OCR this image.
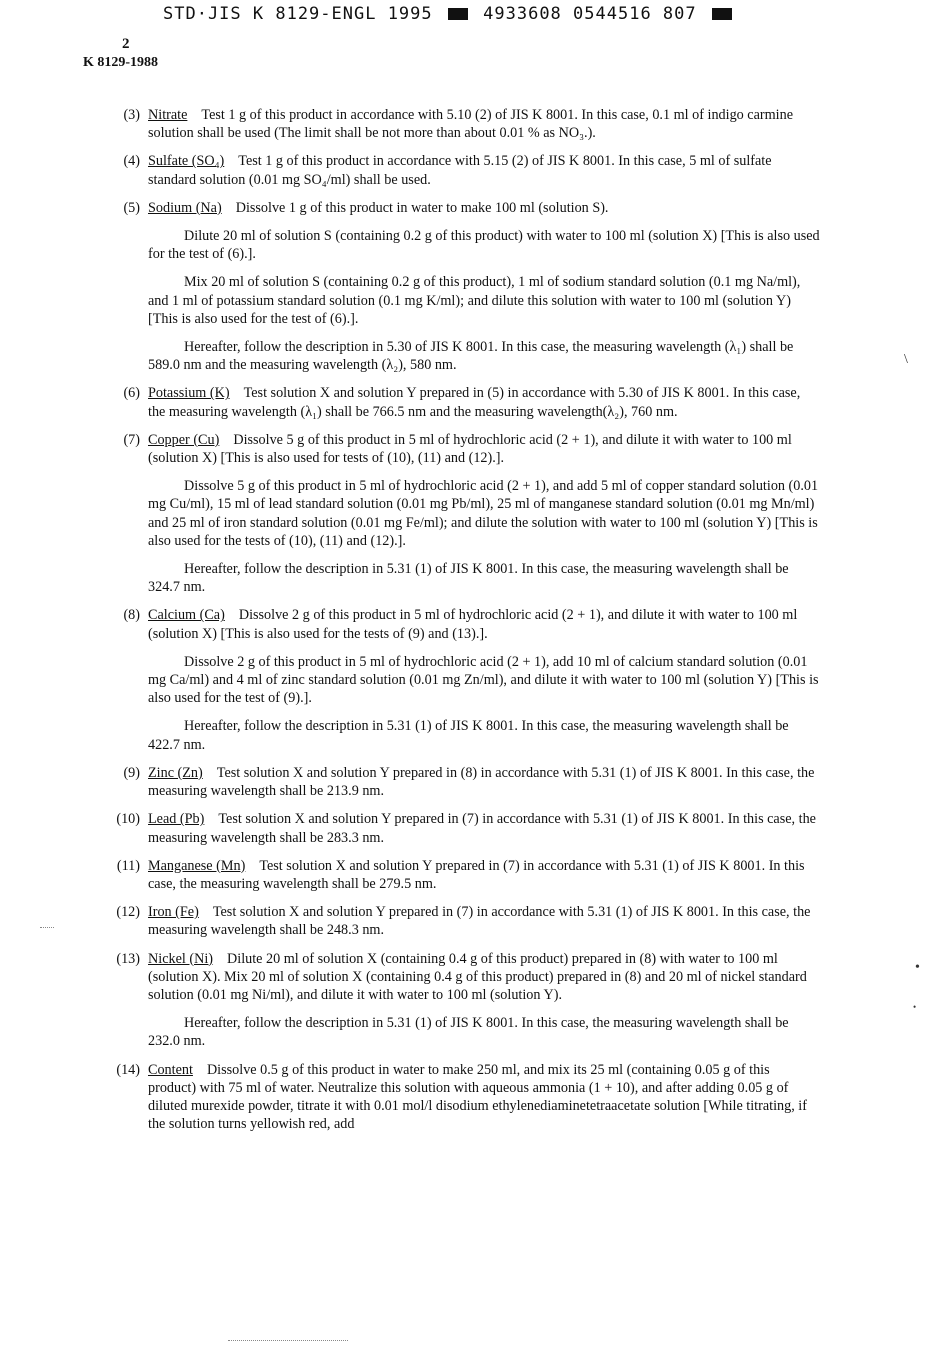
STD·JIS K 8129-ENGL 1995	4933608 0544516 807
2
K 8129-1988
(3) Nitrate Test 1 g of this product in accordance with 5.10 (2) of JIS K 8001. In this case, 0.1 ml of indigo carmine solution shall be used (The limit shall be not more than about 0.01 % as NO₃.).
(4) Sulfate (SO₄) Test 1 g of this product in accordance with 5.15 (2) of JIS K 8001. In this case, 5 ml of sulfate standard solution (0.01 mg SO₄/ml) shall be used.
(5) Sodium (Na) Dissolve 1 g of this product in water to make 100 ml (solution S).
Dilute 20 ml of solution S (containing 0.2 g of this product) with water to 100 ml (solution X) [This is also used for the test of (6).].
Mix 20 ml of solution S (containing 0.2 g of this product), 1 ml of sodium standard solution (0.1 mg Na/ml), and 1 ml of potassium standard solution (0.1 mg K/ml); and dilute this solution with water to 100 ml (solution Y) [This is also used for the test of (6).].
Hereafter, follow the description in 5.30 of JIS K 8001. In this case, the measuring wavelength (λ₁) shall be 589.0 nm and the measuring wavelength (λ₂), 580 nm.
(6) Potassium (K) Test solution X and solution Y prepared in (5) in accordance with 5.30 of JIS K 8001. In this case, the measuring wavelength (λ₁) shall be 766.5 nm and the measuring wavelength(λ₂), 760 nm.
(7) Copper (Cu) Dissolve 5 g of this product in 5 ml of hydrochloric acid (2 + 1), and dilute it with water to 100 ml (solution X) [This is also used for tests of (10), (11) and (12).].
Dissolve 5 g of this product in 5 ml of hydrochloric acid (2 + 1), and add 5 ml of copper standard solution (0.01 mg Cu/ml), 15 ml of lead standard solution (0.01 mg Pb/ml), 25 ml of manganese standard solution (0.01 mg Mn/ml) and 25 ml of iron standard solution (0.01 mg Fe/ml); and dilute the solution with water to 100 ml (solution Y) [This is also used for the tests of (10), (11) and (12).].
Hereafter, follow the description in 5.31 (1) of JIS K 8001. In this case, the measuring wavelength shall be 324.7 nm.
(8) Calcium (Ca) Dissolve 2 g of this product in 5 ml of hydrochloric acid (2 + 1), and dilute it with water to 100 ml (solution X) [This is also used for the tests of (9) and (13).].
Dissolve 2 g of this product in 5 ml of hydrochloric acid (2 + 1), add 10 ml of calcium standard solution (0.01 mg Ca/ml) and 4 ml of zinc standard solution (0.01 mg Zn/ml), and dilute it with water to 100 ml (solution Y) [This is also used for the test of (9).].
Hereafter, follow the description in 5.31 (1) of JIS K 8001. In this case, the measuring wavelength shall be 422.7 nm.
(9) Zinc (Zn) Test solution X and solution Y prepared in (8) in accordance with 5.31 (1) of JIS K 8001. In this case, the measuring wavelength shall be 213.9 nm.
(10) Lead (Pb) Test solution X and solution Y prepared in (7) in accordance with 5.31 (1) of JIS K 8001. In this case, the measuring wavelength shall be 283.3 nm.
(11) Manganese (Mn) Test solution X and solution Y prepared in (7) in accordance with 5.31 (1) of JIS K 8001. In this case, the measuring wavelength shall be 279.5 nm.
(12) Iron (Fe) Test solution X and solution Y prepared in (7) in accordance with 5.31 (1) of JIS K 8001. In this case, the measuring wavelength shall be 248.3 nm.
(13) Nickel (Ni) Dilute 20 ml of solution X (containing 0.4 g of this product) prepared in (8) with water to 100 ml (solution X). Mix 20 ml of solution X (containing 0.4 g of this product) prepared in (8) and 20 ml of nickel standard solution (0.01 mg Ni/ml), and dilute it with water to 100 ml (solution Y).
Hereafter, follow the description in 5.31 (1) of JIS K 8001. In this case, the measuring wavelength shall be 232.0 nm.
(14) Content Dissolve 0.5 g of this product in water to make 250 ml, and mix its 25 ml (containing 0.05 g of this product) with 75 ml of water. Neutralize this solution with aqueous ammonia (1 + 10), and after adding 0.05 g of diluted murexide powder, titrate it with 0.01 mol/l disodium ethylenediaminetetraacetate solution [While titrating, if the solution turns yellowish red, add
\
•
•
